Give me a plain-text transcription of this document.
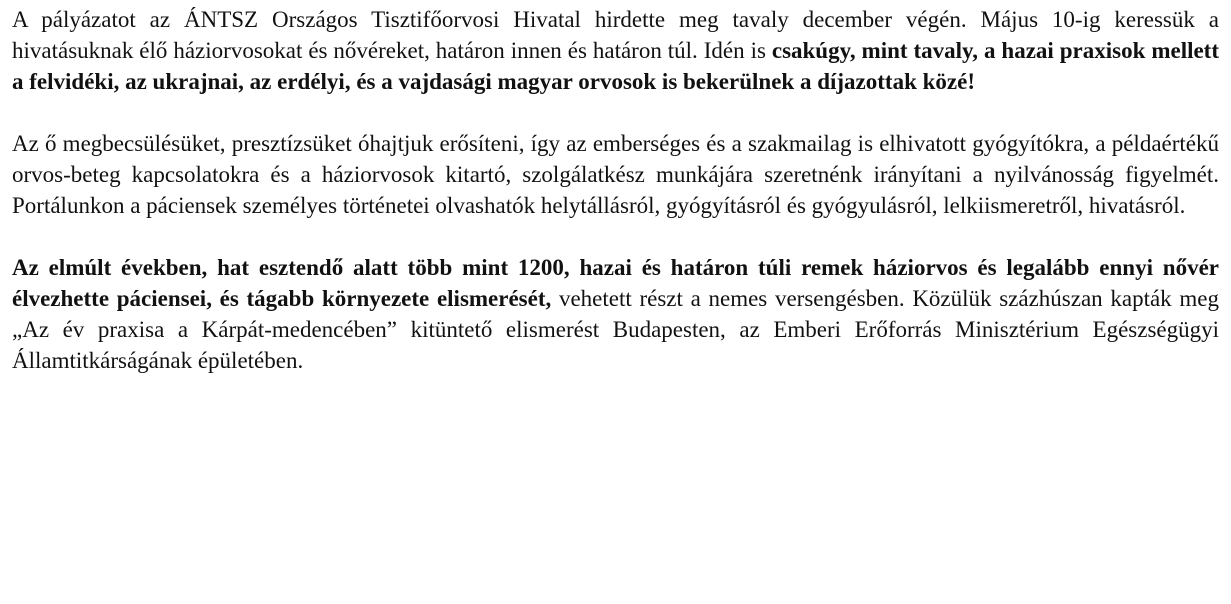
A pályázatot az ÁNTSZ Országos Tisztifőorvosi Hivatal hirdette meg tavaly december végén. Május 10-ig keressük a hivatásuknak élő háziorvosokat és nővéreket, határon innen és határon túl. Idén is csakúgy, mint tavaly, a hazai praxisok mellett a felvidéki, az ukrajnai, az erdélyi, és a vajdasági magyar orvosok is bekerülnek a díjazottak közé!

Az ő megbecsülésüket, presztízsüket óhajtjuk erősíteni, így az emberséges és a szakmailag is elhivatott gyógyítókra, a példaértékű orvos-beteg kapcsolatokra és a háziorvosok kitartó, szolgálatkész munkájára szeretnénk irányítani a nyilvánosság figyelmét. Portálunkon a páciensek személyes történetei olvashatók helytállásról, gyógyításról és gyógyulásról, lelkiismeretről, hivatásról.

Az elmúlt években, hat esztendő alatt több mint 1200, hazai és határon túli remek háziorvos és legalább ennyi nővér élvezhette páciensei, és tágabb környezete elismerését, vehetett részt a nemes versengésben. Közülük százhúszan kapták meg „Az év praxisa a Kárpát-medencében” kitüntető elismerést Budapesten, az Emberi Erőforrás Minisztérium Egészségügyi Államtitkárságának épületében.
